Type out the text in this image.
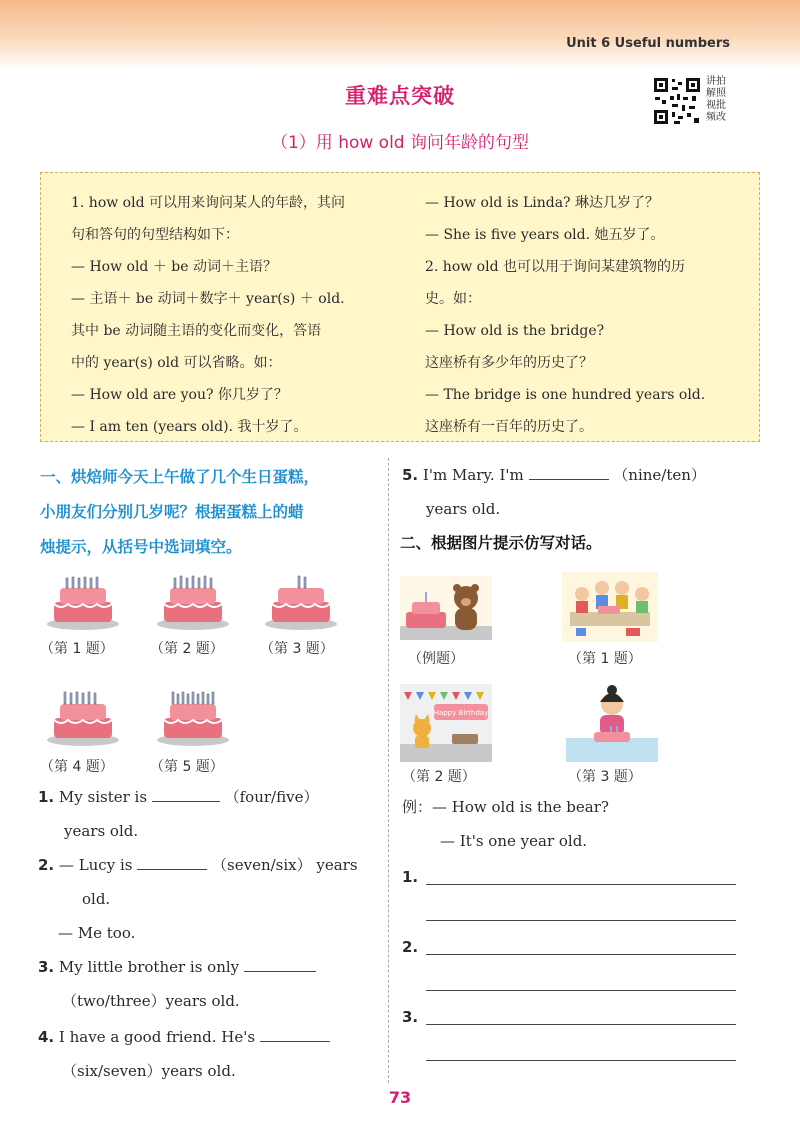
Unit 6 Useful numbers
讲拍
解照
视批
频改
重难点突破
（1）用 how old 询问年龄的句型
1. how old 可以用来询问某人的年龄，其问
句和答句的句型结构如下：
— How old ＋ be 动词＋主语？
— 主语＋ be 动词＋数字＋ year(s) ＋ old.
其中 be 动词随主语的变化而变化，答语
中的 year(s) old 可以省略。如：
— How old are you? 你几岁了？
— I am ten (years old). 我十岁了。
— How old is Linda? 琳达几岁了？
— She is five years old. 她五岁了。
2. how old 也可以用于询问某建筑物的历
史。如：
— How old is the bridge?
这座桥有多少年的历史了？
— The bridge is one hundred years old.
这座桥有一百年的历史了。
一、烘焙师今天上午做了几个生日蛋糕，
小朋友们分别几岁呢？根据蛋糕上的蜡
烛提示，从括号中选词填空。
（第 1 题）	（第 2 题）	（第 3 题）
（第 4 题）	（第 5 题）
1. My sister is	（four/five）
years old.
2. — Lucy is	（seven/six） years
old.
— Me too.
3. My little brother is only
（two/three）years old.
4. I have a good friend. He's
（six/seven）years old.
5. I'm Mary. I'm	（nine/ten）
years old.
二、根据图片提示仿写对话。
Happy Birthday
（例题）	（第 1 题）
（第 2 题）	（第 3 题）
例：— How old is the bear?
— It's one year old.
1.
2.
3.
73
